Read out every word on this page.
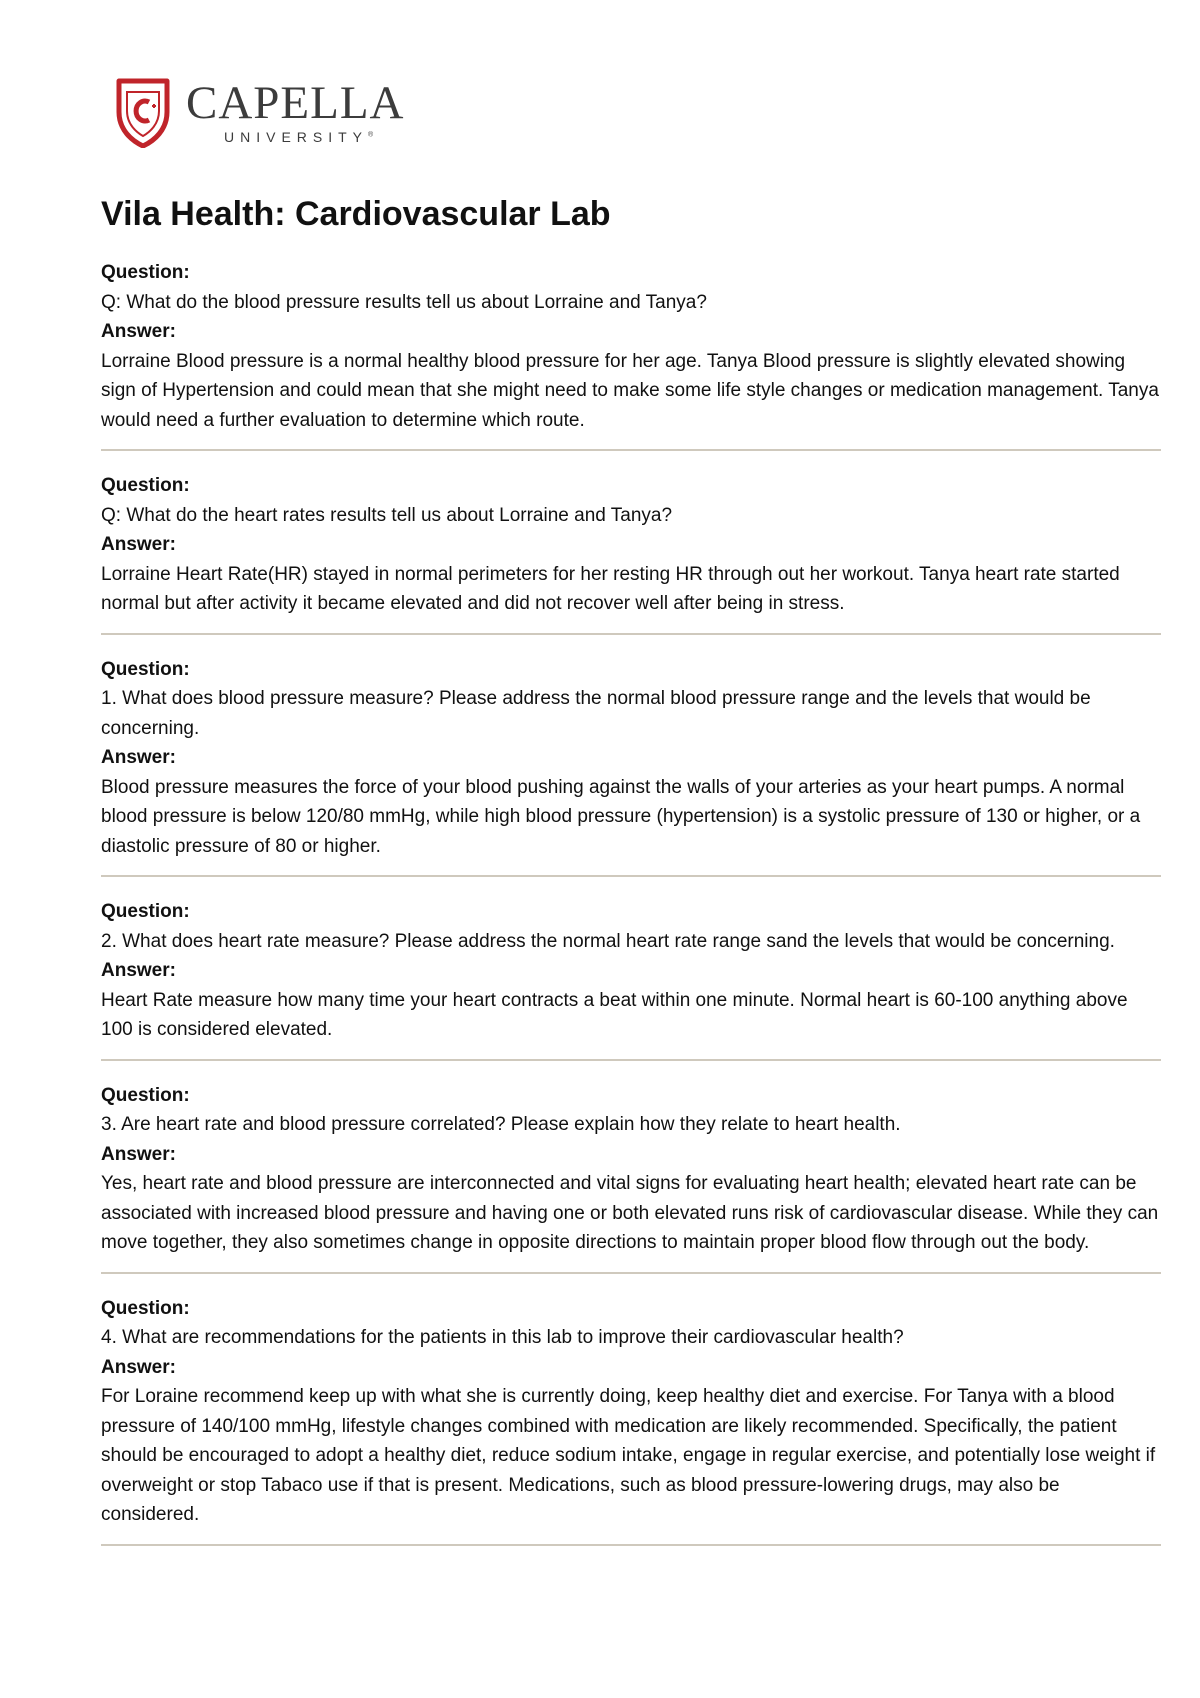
CAPELLA
UNIVERSITY®
Vila Health: Cardiovascular Lab
Question:
Q: What do the blood pressure results tell us about Lorraine and Tanya?
Answer:
Lorraine Blood pressure is a normal healthy blood pressure for her age. Tanya Blood pressure is slightly elevated showing sign of Hypertension and could mean that she might need to make some life style changes or medication management. Tanya would need a further evaluation to determine which route.
Question:
Q: What do the heart rates results tell us about Lorraine and Tanya?
Answer:
Lorraine Heart Rate(HR) stayed in normal perimeters for her resting HR through out her workout. Tanya heart rate started normal but after activity it became elevated and did not recover well after being in stress.
Question:
1. What does blood pressure measure? Please address the normal blood pressure range and the levels that would be concerning.
Answer:
Blood pressure measures the force of your blood pushing against the walls of your arteries as your heart pumps. A normal blood pressure is below 120/80 mmHg, while high blood pressure (hypertension) is a systolic pressure of 130 or higher, or a diastolic pressure of 80 or higher.
Question:
2. What does heart rate measure? Please address the normal heart rate range sand the levels that would be concerning.
Answer:
Heart Rate measure how many time your heart contracts a beat within one minute. Normal heart is 60-100 anything above 100 is considered elevated.
Question:
3. Are heart rate and blood pressure correlated? Please explain how they relate to heart health.
Answer:
Yes, heart rate and blood pressure are interconnected and vital signs for evaluating heart health; elevated heart rate can be associated with increased blood pressure and having one or both elevated runs risk of cardiovascular disease. While they can move together, they also sometimes change in opposite directions to maintain proper blood flow through out the body.
Question:
4. What are recommendations for the patients in this lab to improve their cardiovascular health?
Answer:
For Loraine recommend keep up with what she is currently doing, keep healthy diet and exercise. For Tanya with a blood pressure of 140/100 mmHg, lifestyle changes combined with medication are likely recommended. Specifically, the patient should be encouraged to adopt a healthy diet, reduce sodium intake, engage in regular exercise, and potentially lose weight if overweight or stop Tabaco use if that is present. Medications, such as blood pressure-lowering drugs, may also be considered.
